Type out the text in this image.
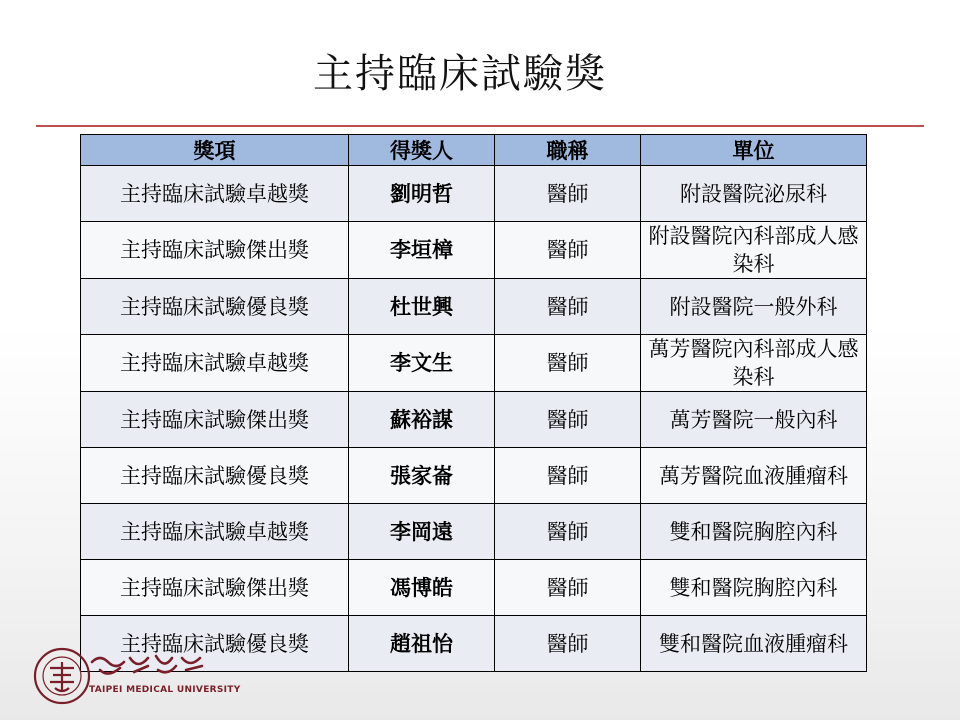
主持臨床試驗獎
獎項	得獎人	職稱	單位
主持臨床試驗卓越獎	劉明哲	醫師	附設醫院泌尿科
主持臨床試驗傑出獎	李垣樟	醫師	附設醫院內科部成人感染科
主持臨床試驗優良獎	杜世興	醫師	附設醫院一般外科
主持臨床試驗卓越獎	李文生	醫師	萬芳醫院內科部成人感染科
主持臨床試驗傑出獎	蘇裕謀	醫師	萬芳醫院一般內科
主持臨床試驗優良獎	張家崙	醫師	萬芳醫院血液腫瘤科
主持臨床試驗卓越獎	李岡遠	醫師	雙和醫院胸腔內科
主持臨床試驗傑出獎	馮博皓	醫師	雙和醫院胸腔內科
主持臨床試驗優良獎	趙祖怡	醫師	雙和醫院血液腫瘤科
TAIPEI MEDICAL UNIVERSITY
